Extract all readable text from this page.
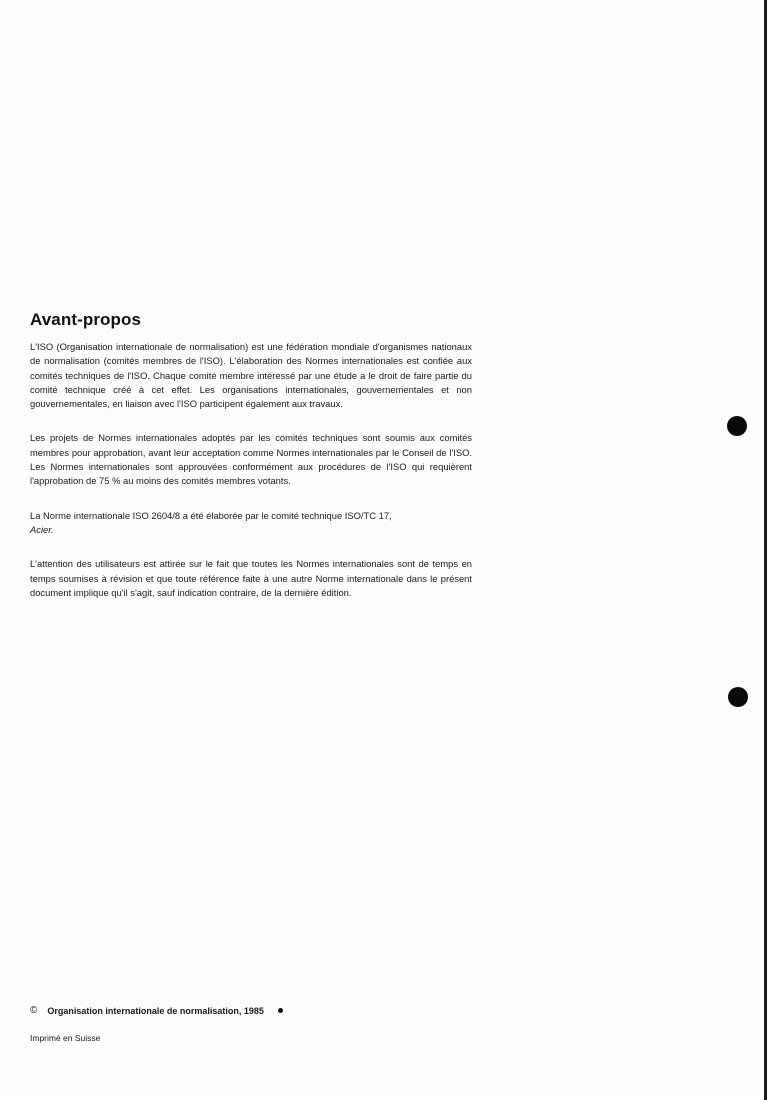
Avant-propos

L'ISO (Organisation internationale de normalisation) est une fédération mondiale d'organismes nationaux de normalisation (comités membres de l'ISO). L'élaboration des Normes internationales est confiée aux comités techniques de l'ISO. Chaque comité membre intéressé par une étude a le droit de faire partie du comité technique créé à cet effet. Les organisations internationales, gouvernementales et non gouvernementales, en liaison avec l'ISO participent également aux travaux.

Les projets de Normes internationales adoptés par les comités techniques sont soumis aux comités membres pour approbation, avant leur acceptation comme Normes internationales par le Conseil de l'ISO. Les Normes internationales sont approuvées conformément aux procédures de l'ISO qui requièrent l'approbation de 75 % au moins des comités membres votants.

La Norme internationale ISO 2604/8 a été élaborée par le comité technique ISO/TC 17,
Acier.

L'attention des utilisateurs est attirée sur le fait que toutes les Normes internationales sont de temps en temps soumises à révision et que toute référence faite à une autre Norme internationale dans le présent document implique qu'il s'agit, sauf indication contraire, de la dernière édition.

© Organisation internationale de normalisation, 1985
Imprimé en Suisse
